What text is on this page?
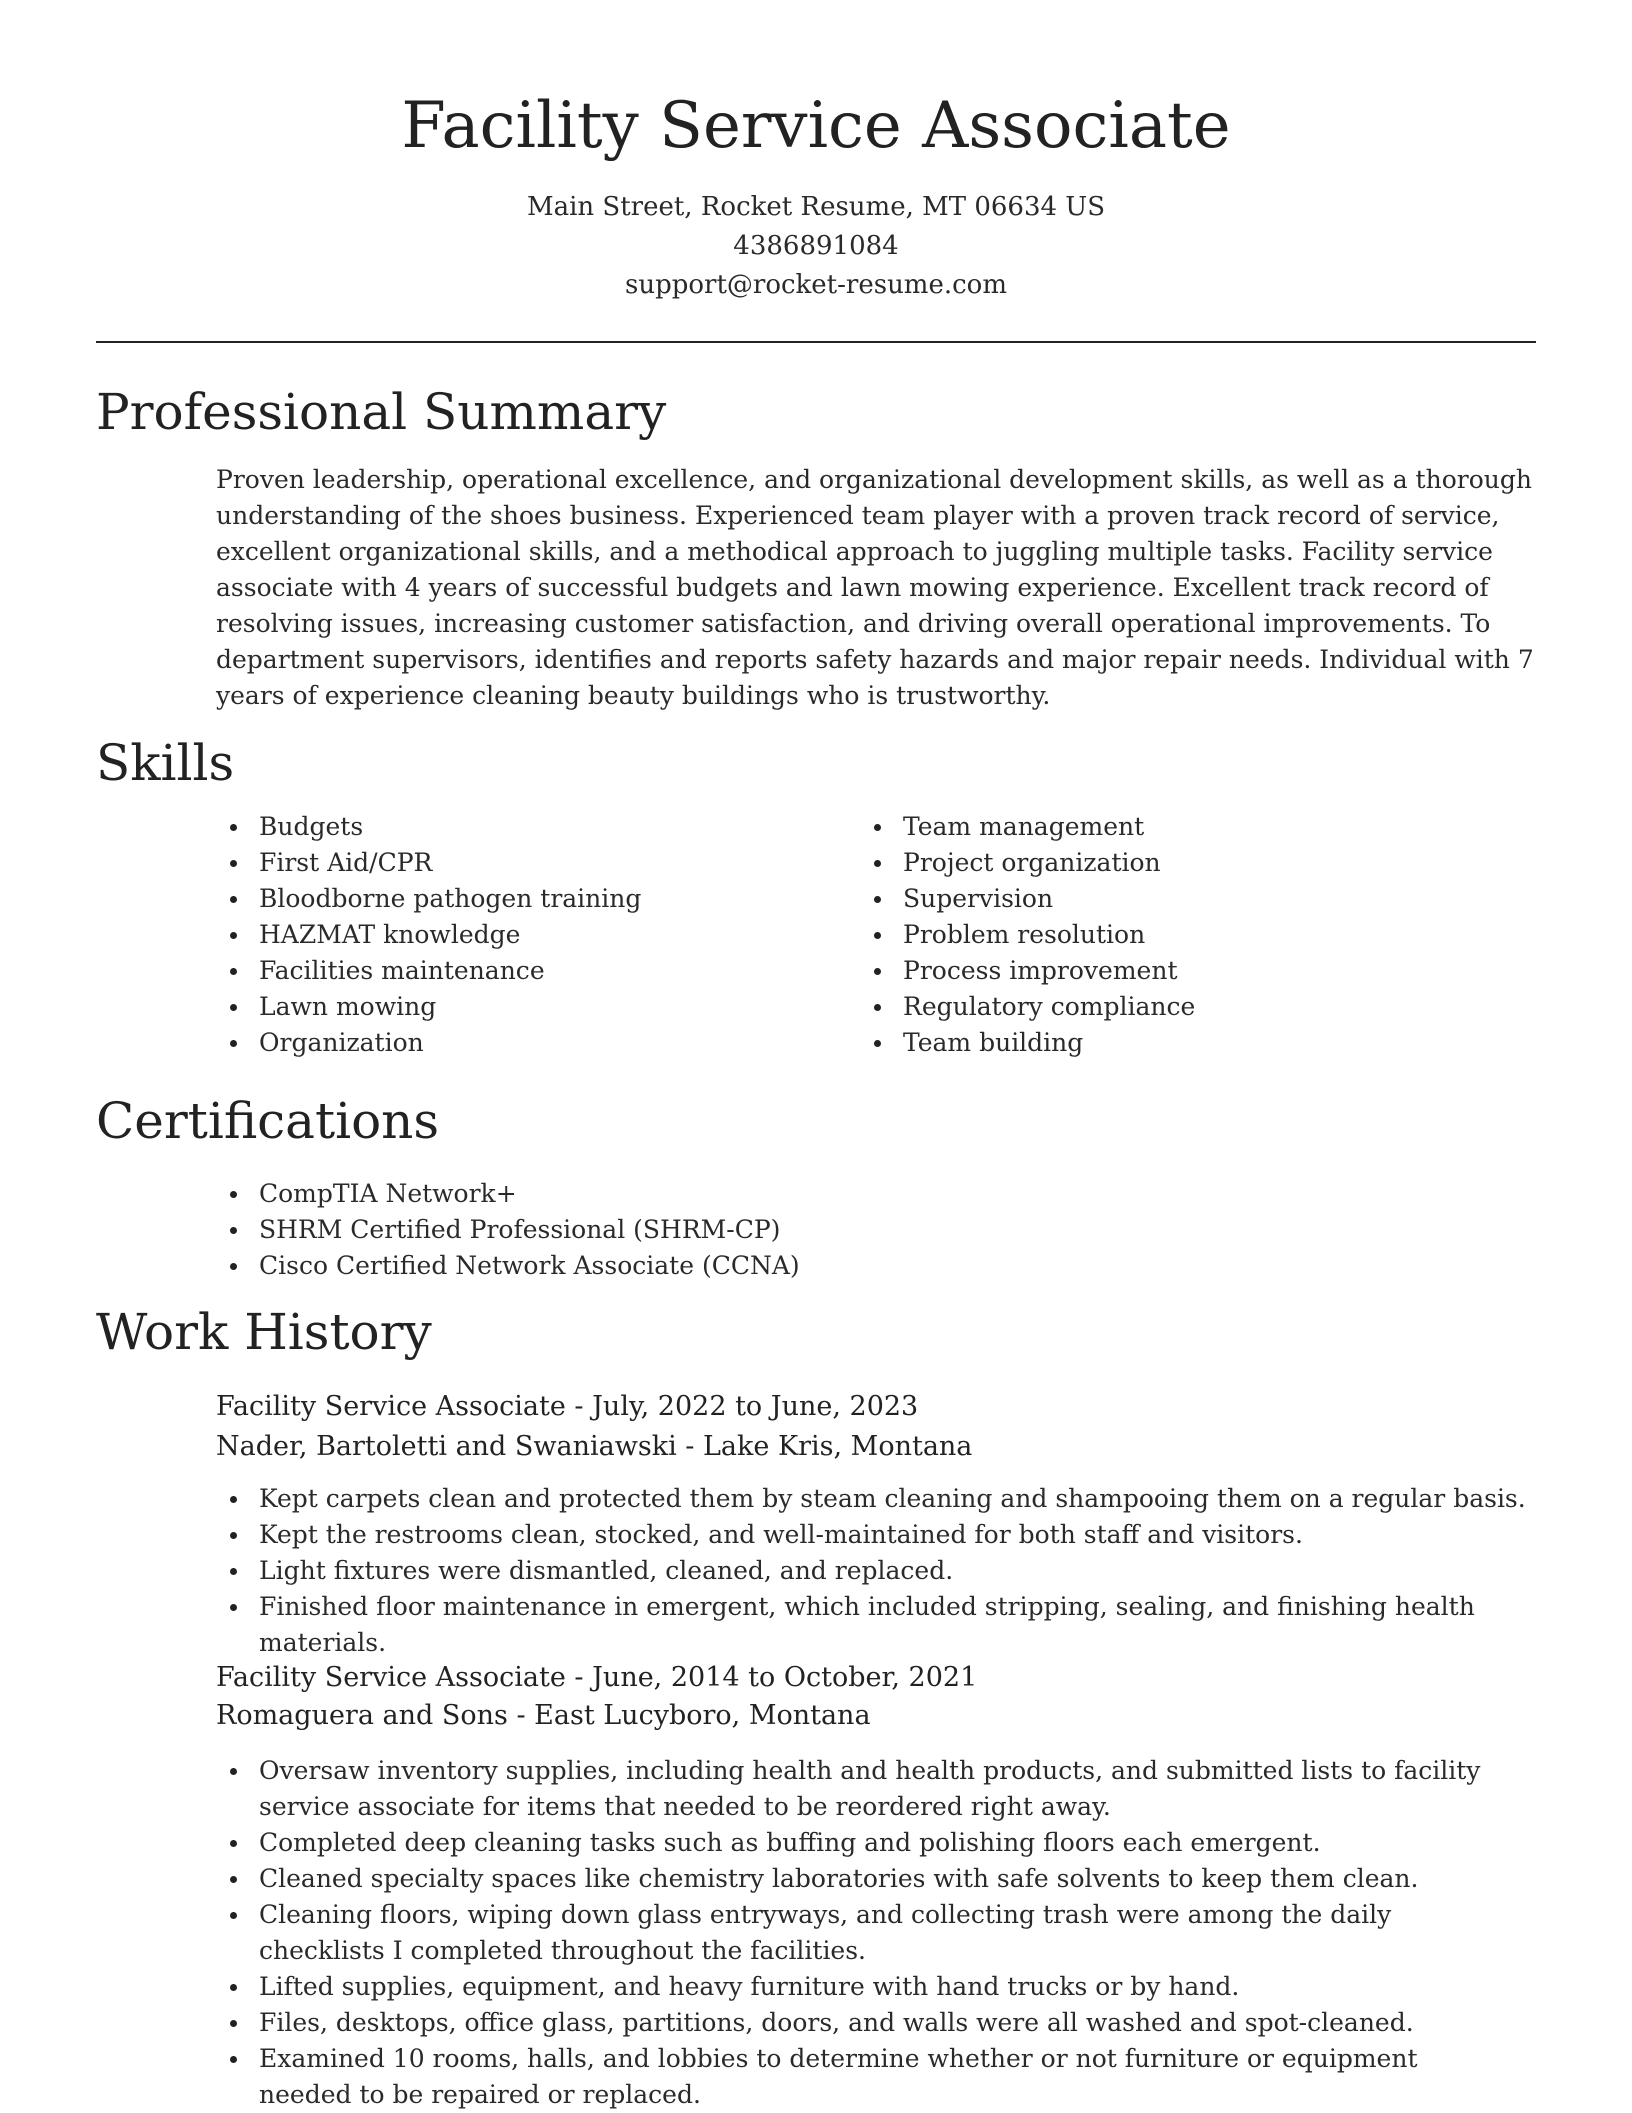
Facility Service Associate
Main Street, Rocket Resume, MT 06634 US
4386891084
support@rocket-resume.com
Professional Summary

Proven leadership, operational excellence, and organizational development skills, as well as a thorough understanding of the shoes business. Experienced team player with a proven track record of service, excellent organizational skills, and a methodical approach to juggling multiple tasks. Facility service associate with 4 years of successful budgets and lawn mowing experience. Excellent track record of resolving issues, increasing customer satisfaction, and driving overall operational improvements. To department supervisors, identifies and reports safety hazards and major repair needs. Individual with 7 years of experience cleaning beauty buildings who is trustworthy.

Skills
Budgets
First Aid/CPR
Bloodborne pathogen training
HAZMAT knowledge
Facilities maintenance
Lawn mowing
Organization
Team management
Project organization
Supervision
Problem resolution
Process improvement
Regulatory compliance
Team building
Certifications
CompTIA Network+
SHRM Certified Professional (SHRM-CP)
Cisco Certified Network Associate (CCNA)
Work History
Facility Service Associate - July, 2022 to June, 2023
Nader, Bartoletti and Swaniawski - Lake Kris, Montana
Kept carpets clean and protected them by steam cleaning and shampooing them on a regular basis.
Kept the restrooms clean, stocked, and well-maintained for both staff and visitors.
Light fixtures were dismantled, cleaned, and replaced.
Finished floor maintenance in emergent, which included stripping, sealing, and finishing health materials.
Facility Service Associate - June, 2014 to October, 2021
Romaguera and Sons - East Lucyboro, Montana
Oversaw inventory supplies, including health and health products, and submitted lists to facility service associate for items that needed to be reordered right away.
Completed deep cleaning tasks such as buffing and polishing floors each emergent.
Cleaned specialty spaces like chemistry laboratories with safe solvents to keep them clean.
Cleaning floors, wiping down glass entryways, and collecting trash were among the daily checklists I completed throughout the facilities.
Lifted supplies, equipment, and heavy furniture with hand trucks or by hand.
Files, desktops, office glass, partitions, doors, and walls were all washed and spot-cleaned.
Examined 10 rooms, halls, and lobbies to determine whether or not furniture or equipment needed to be repaired or replaced.
